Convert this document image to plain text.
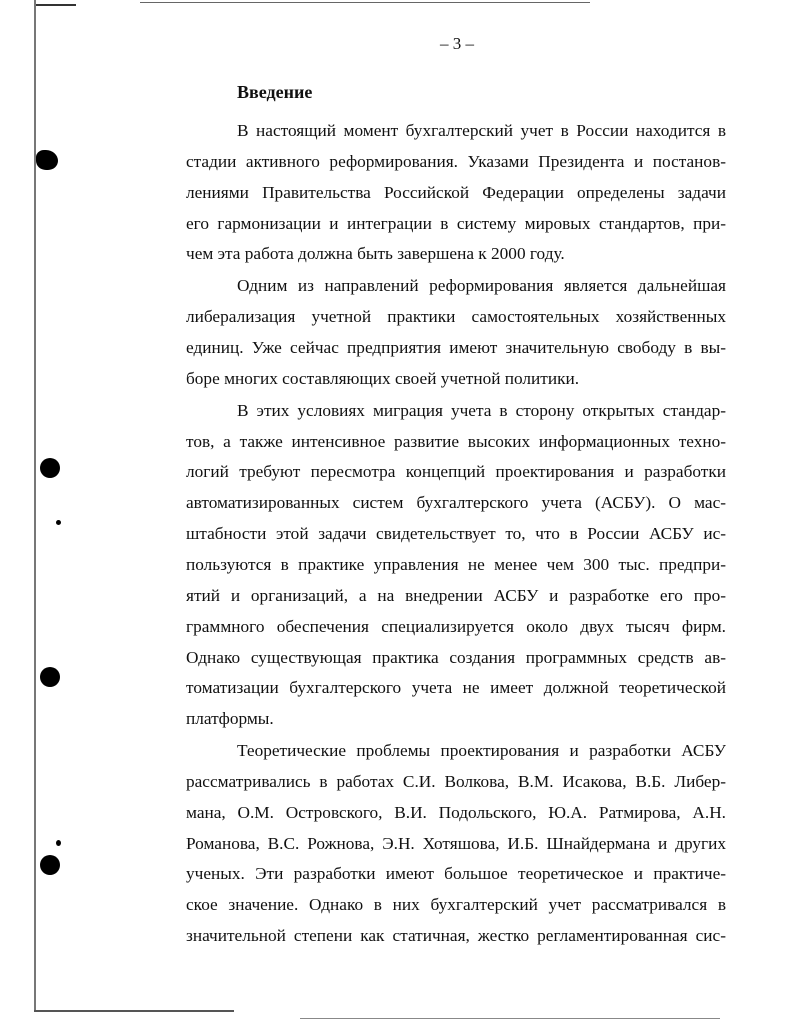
– 3 –
Введение
В настоящий момент бухгалтерский учет в России находится в
стадии активного реформирования. Указами Президента и постанов-
лениями Правительства Российской Федерации определены задачи
его гармонизации и интеграции в систему мировых стандартов, при-
чем эта работа должна быть завершена к 2000 году.
Одним из направлений реформирования является дальнейшая
либерализация учетной практики самостоятельных хозяйственных
единиц. Уже сейчас предприятия имеют значительную свободу в вы-
боре многих составляющих своей учетной политики.
В этих условиях миграция учета в сторону открытых стандар-
тов, а также интенсивное развитие высоких информационных техно-
логий требуют пересмотра концепций проектирования и разработки
автоматизированных систем бухгалтерского учета (АСБУ). О мас-
штабности этой задачи свидетельствует то, что в России АСБУ ис-
пользуются в практике управления не менее чем 300 тыс. предпри-
ятий и организаций, а на внедрении АСБУ и разработке его про-
граммного обеспечения специализируется около двух тысяч фирм.
Однако существующая практика создания программных средств ав-
томатизации бухгалтерского учета не имеет должной теоретической
платформы.
Теоретические проблемы проектирования и разработки АСБУ
рассматривались в работах С.И. Волкова, В.М. Исакова, В.Б. Либер-
мана, О.М. Островского, В.И. Подольского, Ю.А. Ратмирова, А.Н.
Романова, В.С. Рожнова, Э.Н. Хотяшова, И.Б. Шнайдермана и других
ученых. Эти разработки имеют большое теоретическое и практиче-
ское значение. Однако в них бухгалтерский учет рассматривался в
значительной степени как статичная, жестко регламентированная сис-
